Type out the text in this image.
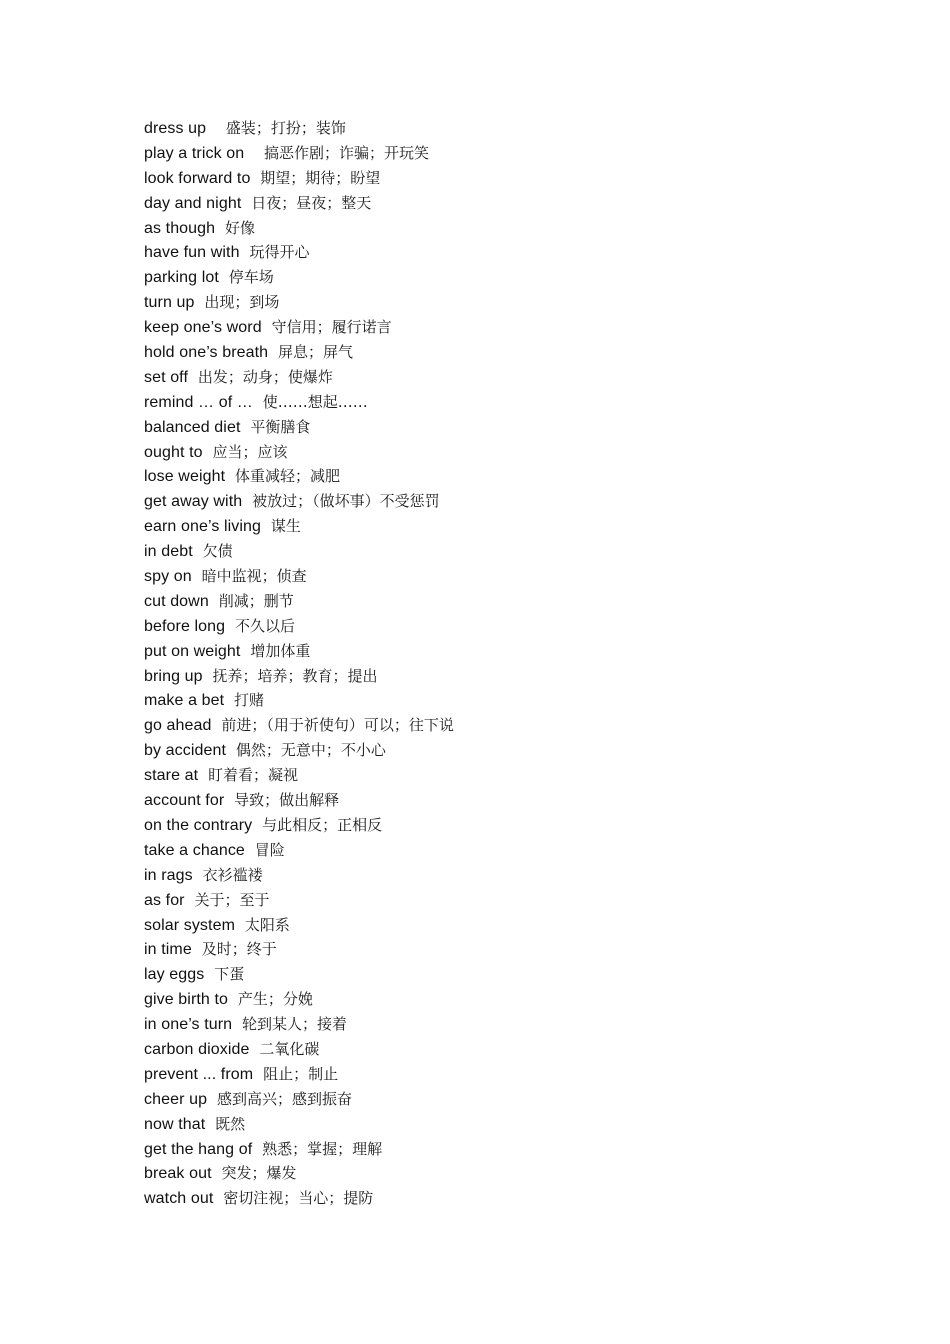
dress up 盛装；打扮；装饰
play a trick on 搞恶作剧；诈骗；开玩笑
look forward to 期望；期待；盼望
day and night 日夜；昼夜；整天
as though 好像
have fun with 玩得开心
parking lot 停车场
turn up 出现；到场
keep one’s word 守信用；履行诺言
hold one’s breath 屏息；屏气
set off 出发；动身；使爆炸
remind … of … 使……想起……
balanced diet 平衡膳食
ought to 应当；应该
lose weight 体重减轻；减肥
get away with 被放过；（做坏事）不受惩罚
earn one’s living 谋生
in debt 欠债
spy on 暗中监视；侦查
cut down 削减；删节
before long 不久以后
put on weight 增加体重
bring up 抚养；培养；教育；提出
make a bet 打赌
go ahead 前进；（用于祈使句）可以；往下说
by accident 偶然；无意中；不小心
stare at 盯着看；凝视
account for 导致；做出解释
on the contrary 与此相反；正相反
take a chance 冒险
in rags 衣衫褴褛
as for 关于；至于
solar system 太阳系
in time 及时；终于
lay eggs 下蛋
give birth to 产生；分娩
in one’s turn 轮到某人；接着
carbon dioxide 二氧化碳
prevent ... from 阻止；制止
cheer up 感到高兴；感到振奋
now that 既然
get the hang of 熟悉；掌握；理解
break out 突发；爆发
watch out 密切注视；当心；提防
